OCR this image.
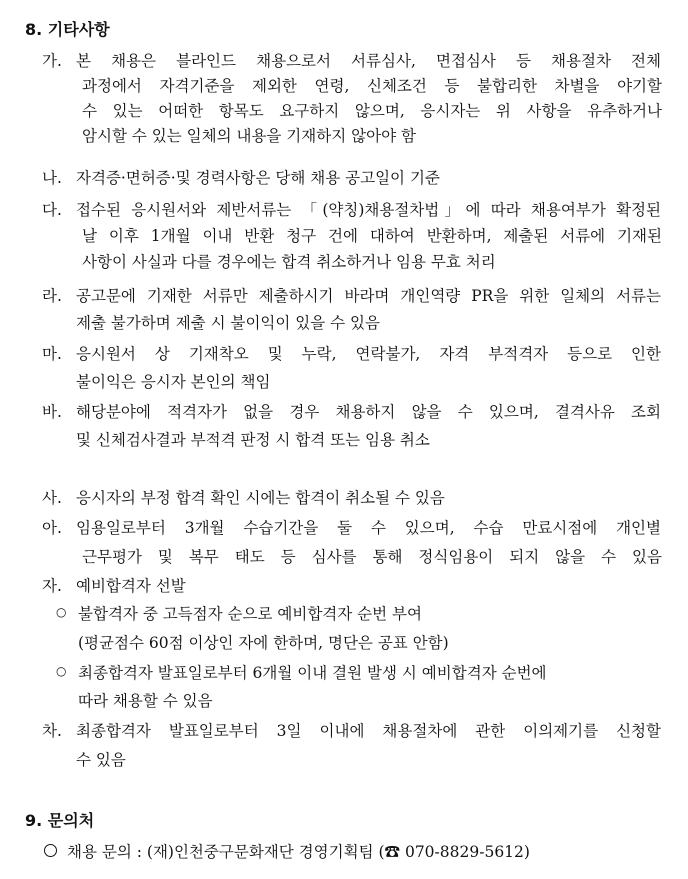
8. 기타사항
가. 본 채용은 블라인드 채용으로서 서류심사, 면접심사 등 채용절차 전체
과정에서 자격기준을 제외한 연령, 신체조건 등 불합리한 차별을 야기할
수 있는 어떠한 항목도 요구하지 않으며, 응시자는 위 사항을 유추하거나
암시할 수 있는 일체의 내용을 기재하지 않아야 함
나. 자격증·면허증·및 경력사항은 당해 채용 공고일이 기준
다. 접수된 응시원서와 제반서류는 「(약칭)채용절차법」에 따라 채용여부가 확정된
날 이후 1개월 이내 반환 청구 건에 대하여 반환하며, 제출된 서류에 기재된
사항이 사실과 다를 경우에는 합격 취소하거나 임용 무효 처리
라. 공고문에 기재한 서류만 제출하시기 바라며 개인역량 PR을 위한 일체의 서류는
제출 불가하며 제출 시 불이익이 있을 수 있음
마. 응시원서 상 기재착오 및 누락, 연락불가, 자격 부적격자 등으로 인한
불이익은 응시자 본인의 책임
바. 해당분야에 적격자가 없을 경우 채용하지 않을 수 있으며, 결격사유 조회
및 신체검사결과 부적격 판정 시 합격 또는 임용 취소
사. 응시자의 부정 합격 확인 시에는 합격이 취소될 수 있음
아. 임용일로부터 3개월 수습기간을 둘 수 있으며, 수습 만료시점에 개인별
근무평가 및 복무 태도 등 심사를 통해 정식임용이 되지 않을 수 있음
자. 예비합격자 선발
○ 불합격자 중 고득점자 순으로 예비합격자 순번 부여
(평균점수 60점 이상인 자에 한하며, 명단은 공표 안함)
○ 최종합격자 발표일로부터 6개월 이내 결원 발생 시 예비합격자 순번에
따라 채용할 수 있음
차. 최종합격자 발표일로부터 3일 이내에 채용절차에 관한 이의제기를 신청할
수 있음
9. 문의처
채용 문의 : (재)인천중구문화재단 경영기획팀 (☎ 070-8829-5612)
